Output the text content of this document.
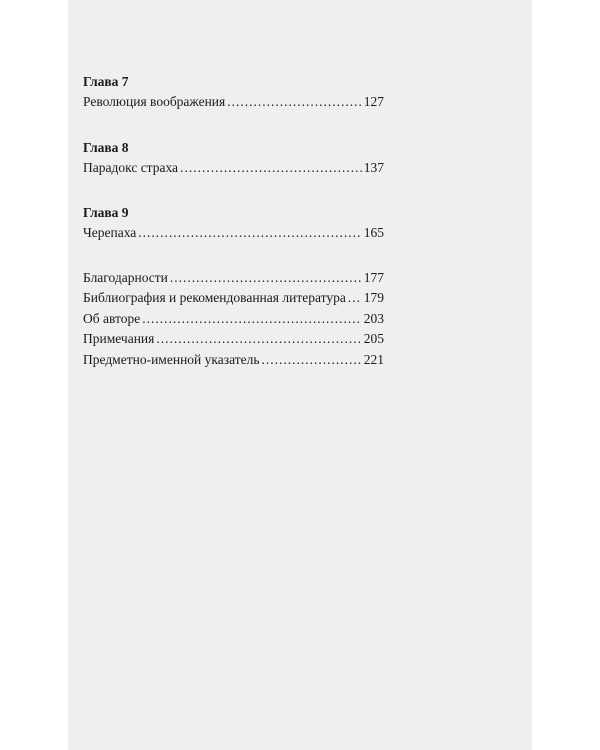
Глава 7
Революция воображения .....	127
Глава 8
Парадокс страха .....	137
Глава 9
Черепаха .....	165
Благодарности .....	177
Библиография и рекомендованная литература ..... 179
Об авторе .....	203
Примечания .....	205
Предметно-именной указатель .....	221
